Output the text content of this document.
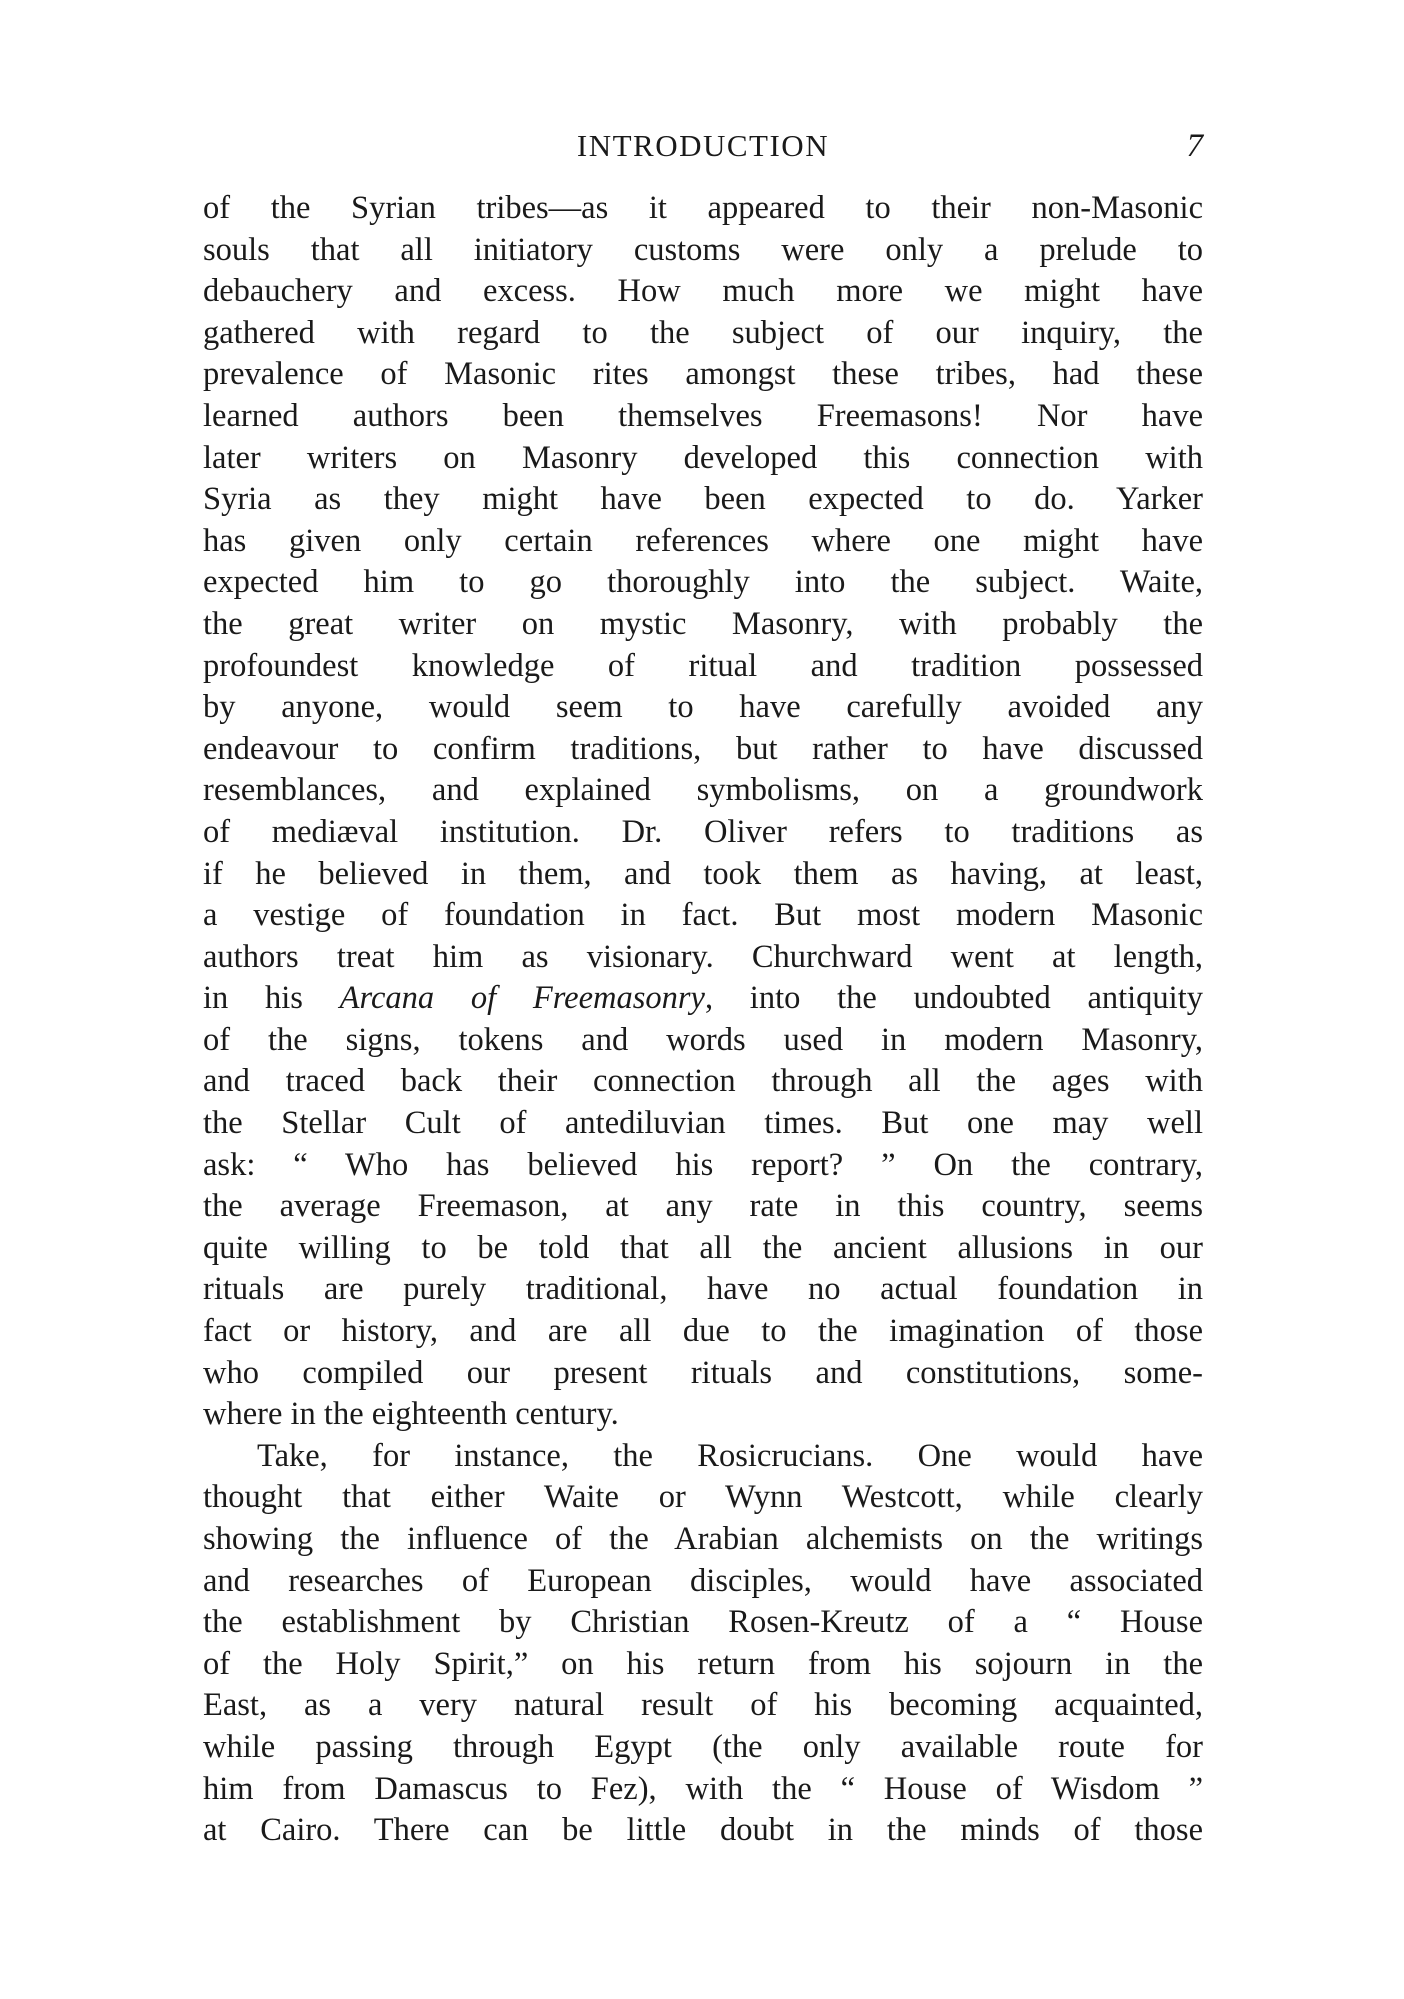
INTRODUCTION	7
of the Syrian tribes—as it appeared to their non-Masonic
souls that all initiatory customs were only a prelude to
debauchery and excess. How much more we might have
gathered with regard to the subject of our inquiry, the
prevalence of Masonic rites amongst these tribes, had these
learned authors been themselves Freemasons! Nor have
later writers on Masonry developed this connection with
Syria as they might have been expected to do. Yarker
has given only certain references where one might have
expected him to go thoroughly into the subject. Waite,
the great writer on mystic Masonry, with probably the
profoundest knowledge of ritual and tradition possessed
by anyone, would seem to have carefully avoided any
endeavour to confirm traditions, but rather to have discussed
resemblances, and explained symbolisms, on a groundwork
of mediæval institution. Dr. Oliver refers to traditions as
if he believed in them, and took them as having, at least,
a vestige of foundation in fact. But most modern Masonic
authors treat him as visionary. Churchward went at length,
in his Arcana of Freemasonry, into the undoubted antiquity
of the signs, tokens and words used in modern Masonry,
and traced back their connection through all the ages with
the Stellar Cult of antediluvian times. But one may well
ask: “ Who has believed his report? ” On the contrary,
the average Freemason, at any rate in this country, seems
quite willing to be told that all the ancient allusions in our
rituals are purely traditional, have no actual foundation in
fact or history, and are all due to the imagination of those
who compiled our present rituals and constitutions, some-
where in the eighteenth century.
Take, for instance, the Rosicrucians. One would have
thought that either Waite or Wynn Westcott, while clearly
showing the influence of the Arabian alchemists on the writings
and researches of European disciples, would have associated
the establishment by Christian Rosen-Kreutz of a “ House
of the Holy Spirit,” on his return from his sojourn in the
East, as a very natural result of his becoming acquainted,
while passing through Egypt (the only available route for
him from Damascus to Fez), with the “ House of Wisdom ”
at Cairo. There can be little doubt in the minds of those
